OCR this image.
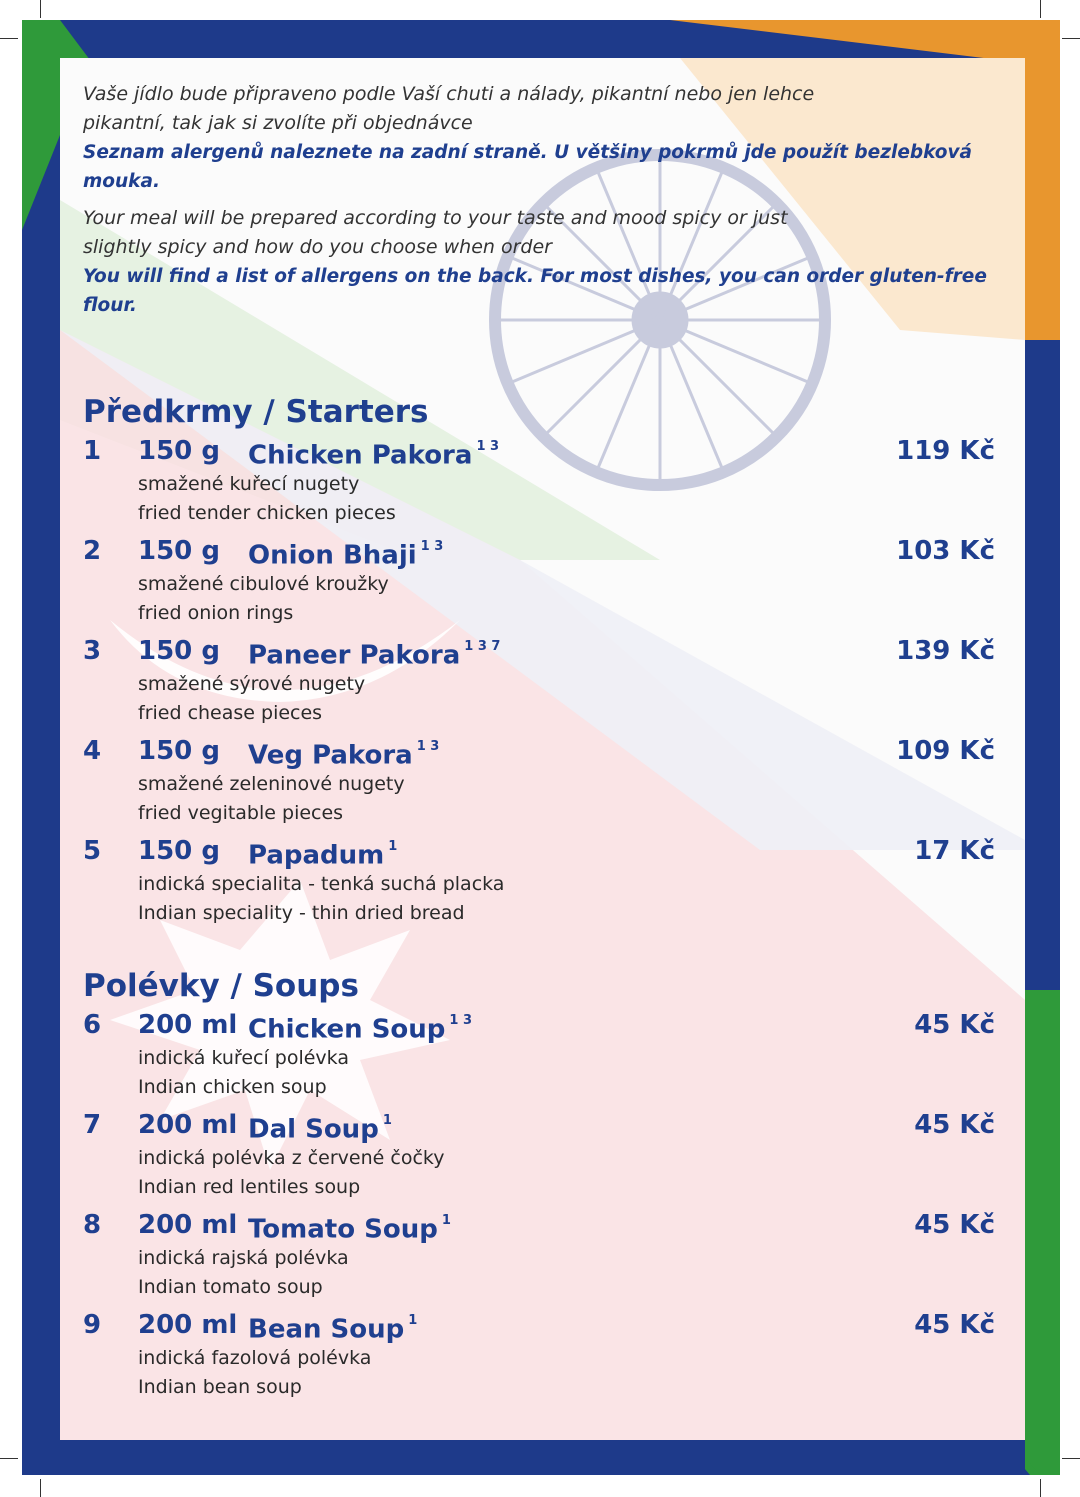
Vaše jídlo bude připraveno podle Vaší chuti a nálady, pikantní nebo jen lehce

pikantní, tak jak si zvolíte při objednávce

Seznam alergenů naleznete na zadní straně. U většiny pokrmů jde použít bezlebková mouka.

Your meal will be prepared according to your taste and mood spicy or just

slightly spicy and how do you choose when order

You will find a list of allergens on the back. For most dishes, you can order gluten-free flour.

Předkrmy / Starters
1 150 g Chicken Pakora $^{1 3}$	119 Kč
smažené kuřecí nugety
fried tender chicken pieces
2 150 g Onion Bhaji $^{1 3}$	103 Kč
smažené cibulové kroužky
fried onion rings
3 150 g Paneer Pakora $^{1 3 7}$	139 Kč
smažené sýrové nugety
fried chease pieces
4 150 g Veg Pakora $^{1 3}$	109 Kč
smažené zeleninové nugety
fried vegitable pieces
5 150 g Papadum $^1$	17 Kč
indická specialita - tenká suchá placka
Indian speciality - thin dried bread
Polévky / Soups
6 200 ml Chicken Soup $^{1 3}$	45 Kč
indická kuřecí polévka
Indian chicken soup
7 200 ml Dal Soup $^1$	45 Kč
indická polévka z červené čočky
Indian red lentiles soup
8 200 ml Tomato Soup $^1$	45 Kč
indická rajská polévka
Indian tomato soup
9 200 ml Bean Soup $^1$	45 Kč
indická fazolová polévka
Indian bean soup
